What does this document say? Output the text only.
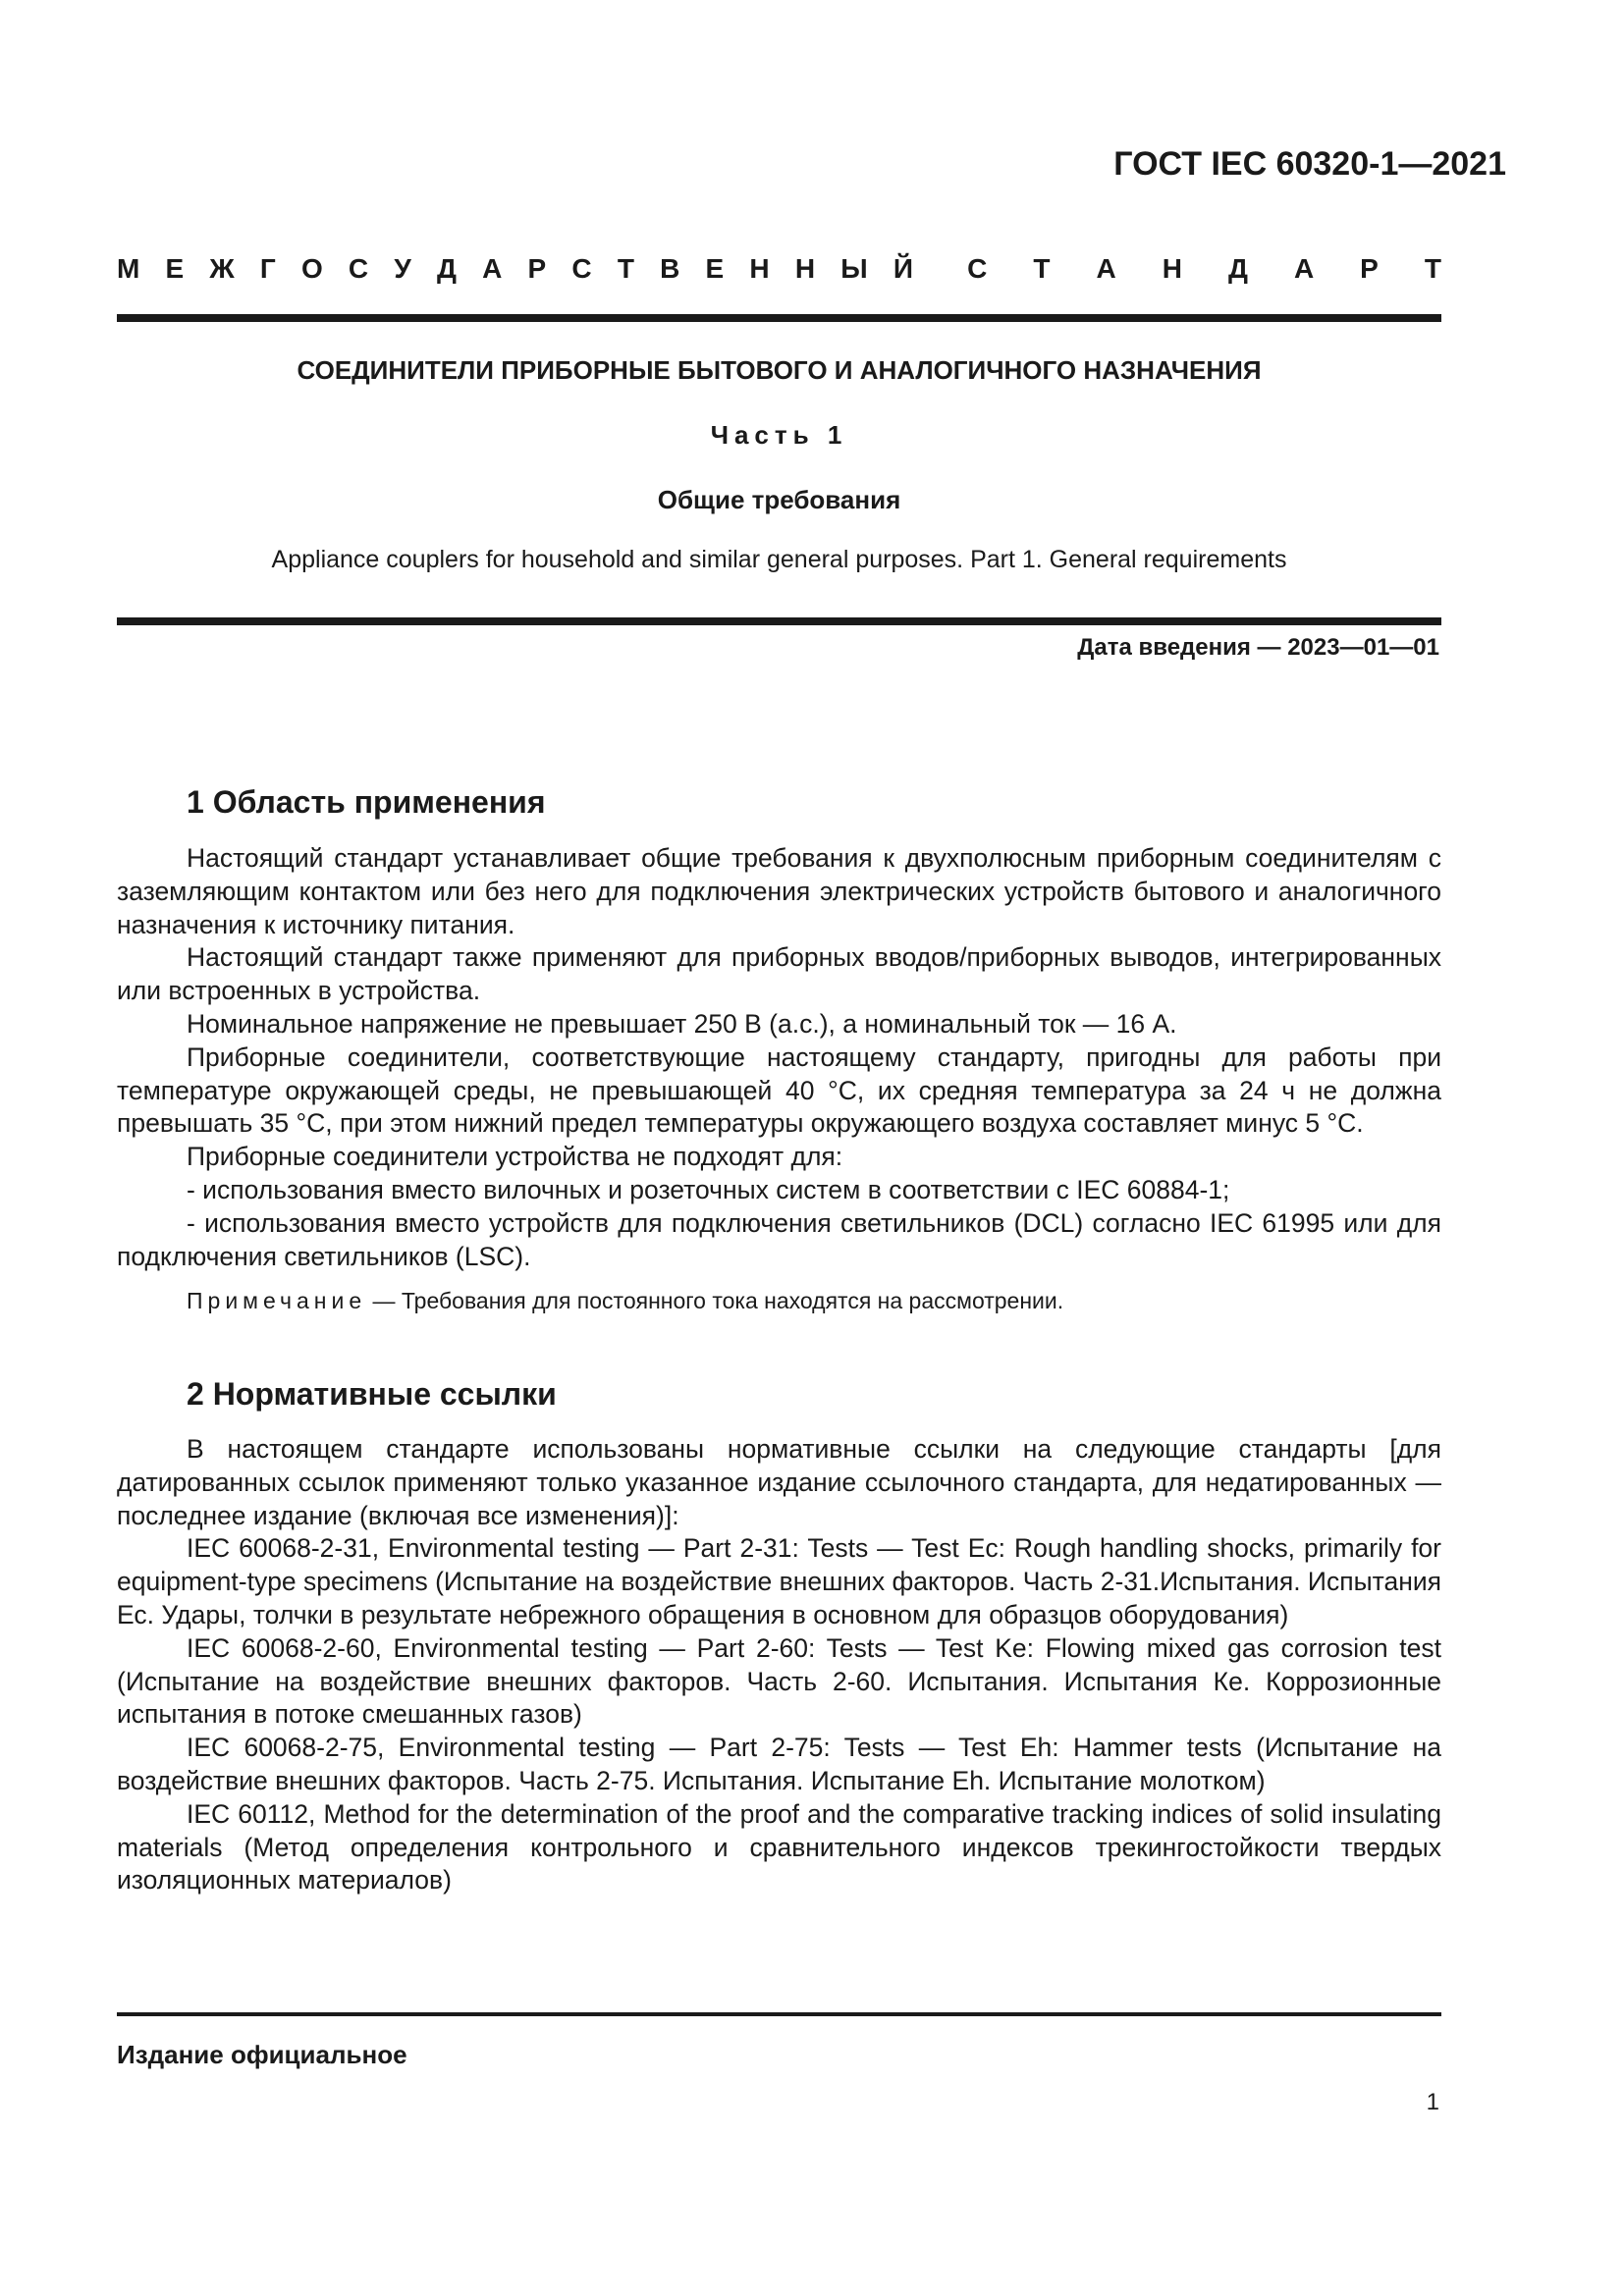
ГОСТ IEC 60320-1—2021
М Е Ж Г О С У Д А Р С Т В Е Н Н Ы Й С Т А Н Д А Р Т
СОЕДИНИТЕЛИ ПРИБОРНЫЕ БЫТОВОГО И АНАЛОГИЧНОГО НАЗНАЧЕНИЯ
Часть 1
Общие требования
Appliance couplers for household and similar general purposes. Part 1. General requirements
Дата введения — 2023—01—01
1 Область применения

Настоящий стандарт устанавливает общие требования к двухполюсным приборным соединителям с заземляющим контактом или без него для подключения электрических устройств бытового и аналогичного назначения к источнику питания.

Настоящий стандарт также применяют для приборных вводов/приборных выводов, интегрированных или встроенных в устройства.

Номинальное напряжение не превышает 250 В (a.c.), а номинальный ток — 16 А.

Приборные соединители, соответствующие настоящему стандарту, пригодны для работы при температуре окружающей среды, не превышающей 40 °С, их средняя температура за 24 ч не должна превышать 35 °С, при этом нижний предел температуры окружающего воздуха составляет минус 5 °С.

Приборные соединители устройства не подходят для:

- использования вместо вилочных и розеточных систем в соответствии с IEC 60884-1;

- использования вместо устройств для подключения светильников (DCL) согласно IEC 61995 или для подключения светильников (LSC).

Примечание — Требования для постоянного тока находятся на рассмотрении.
2 Нормативные ссылки

В настоящем стандарте использованы нормативные ссылки на следующие стандарты [для датированных ссылок применяют только указанное издание ссылочного стандарта, для недатированных — последнее издание (включая все изменения)]:

IEC 60068-2-31, Environmental testing — Part 2-31: Tests — Test Ec: Rough handling shocks, primarily for equipment-type specimens (Испытание на воздействие внешних факторов. Часть 2-31.Испытания. Испытания Ес. Удары, толчки в результате небрежного обращения в основном для образцов оборудования)

IEC 60068-2-60, Environmental testing — Part 2-60: Tests — Test Ke: Flowing mixed gas corrosion test (Испытание на воздействие внешних факторов. Часть 2-60. Испытания. Испытания Ке. Коррозионные испытания в потоке смешанных газов)

IEC 60068-2-75, Environmental testing — Part 2-75: Tests — Test Eh: Hammer tests (Испытание на воздействие внешних факторов. Часть 2-75. Испытания. Испытание Eh. Испытание молотком)

IEC 60112, Method for the determination of the proof and the comparative tracking indices of solid insulating materials (Метод определения контрольного и сравнительного индексов трекингостойкости твердых изоляционных материалов)

Издание официальное
1
